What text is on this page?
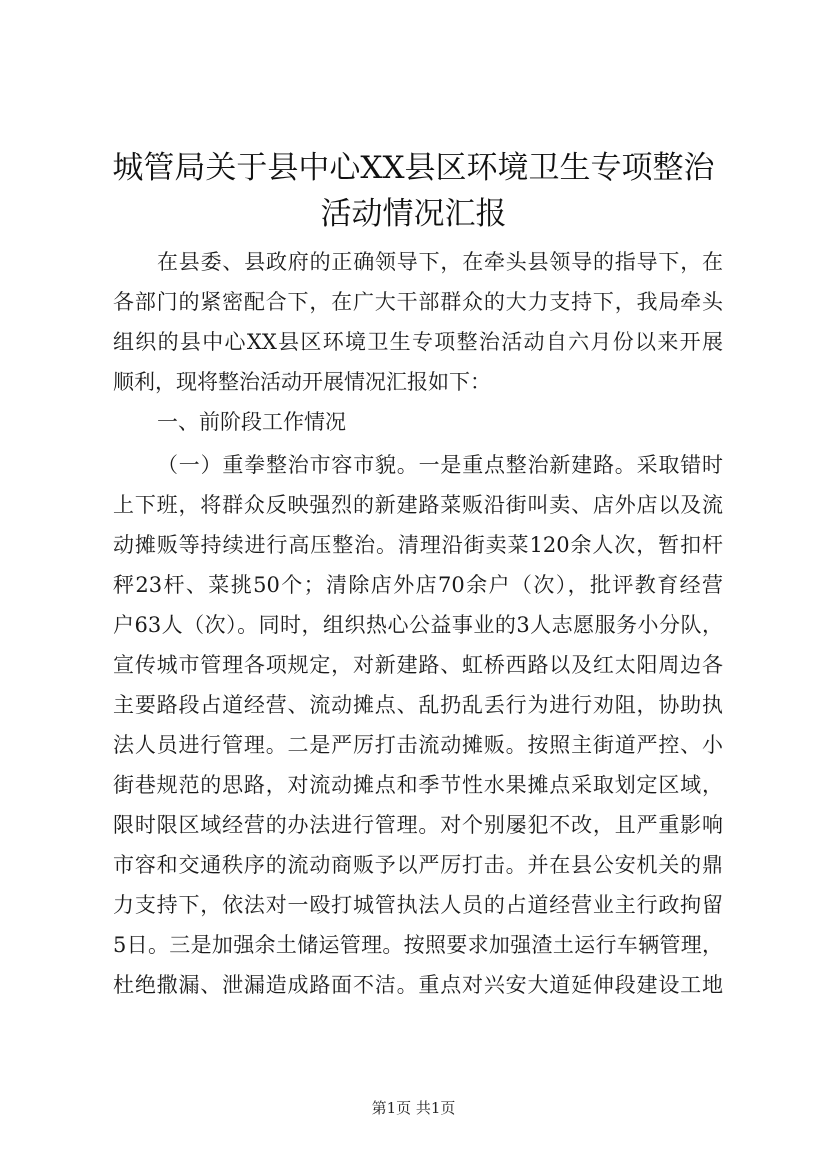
城管局关于县中心XX县区环境卫生专项整治
活动情况汇报
在县委、县政府的正确领导下，在牵头县领导的指导下，在
各部门的紧密配合下，在广大干部群众的大力支持下，我局牵头
组织的县中心XX县区环境卫生专项整治活动自六月份以来开展
顺利，现将整治活动开展情况汇报如下：
一、前阶段工作情况
（一）重拳整治市容市貌。一是重点整治新建路。采取错时
上下班，将群众反映强烈的新建路菜贩沿街叫卖、店外店以及流
动摊贩等持续进行高压整治。清理沿街卖菜120余人次，暂扣杆
秤23杆、菜挑50个；清除店外店70余户（次），批评教育经营
户63人（次）。同时，组织热心公益事业的3人志愿服务小分队，
宣传城市管理各项规定，对新建路、虹桥西路以及红太阳周边各
主要路段占道经营、流动摊点、乱扔乱丢行为进行劝阻，协助执
法人员进行管理。二是严厉打击流动摊贩。按照主街道严控、小
街巷规范的思路，对流动摊点和季节性水果摊点采取划定区域，
限时限区域经营的办法进行管理。对个别屡犯不改，且严重影响
市容和交通秩序的流动商贩予以严厉打击。并在县公安机关的鼎
力支持下，依法对一殴打城管执法人员的占道经营业主行政拘留
5日。三是加强余土储运管理。按照要求加强渣土运行车辆管理，
杜绝撒漏、泄漏造成路面不洁。重点对兴安大道延伸段建设工地
第1页 共1页
